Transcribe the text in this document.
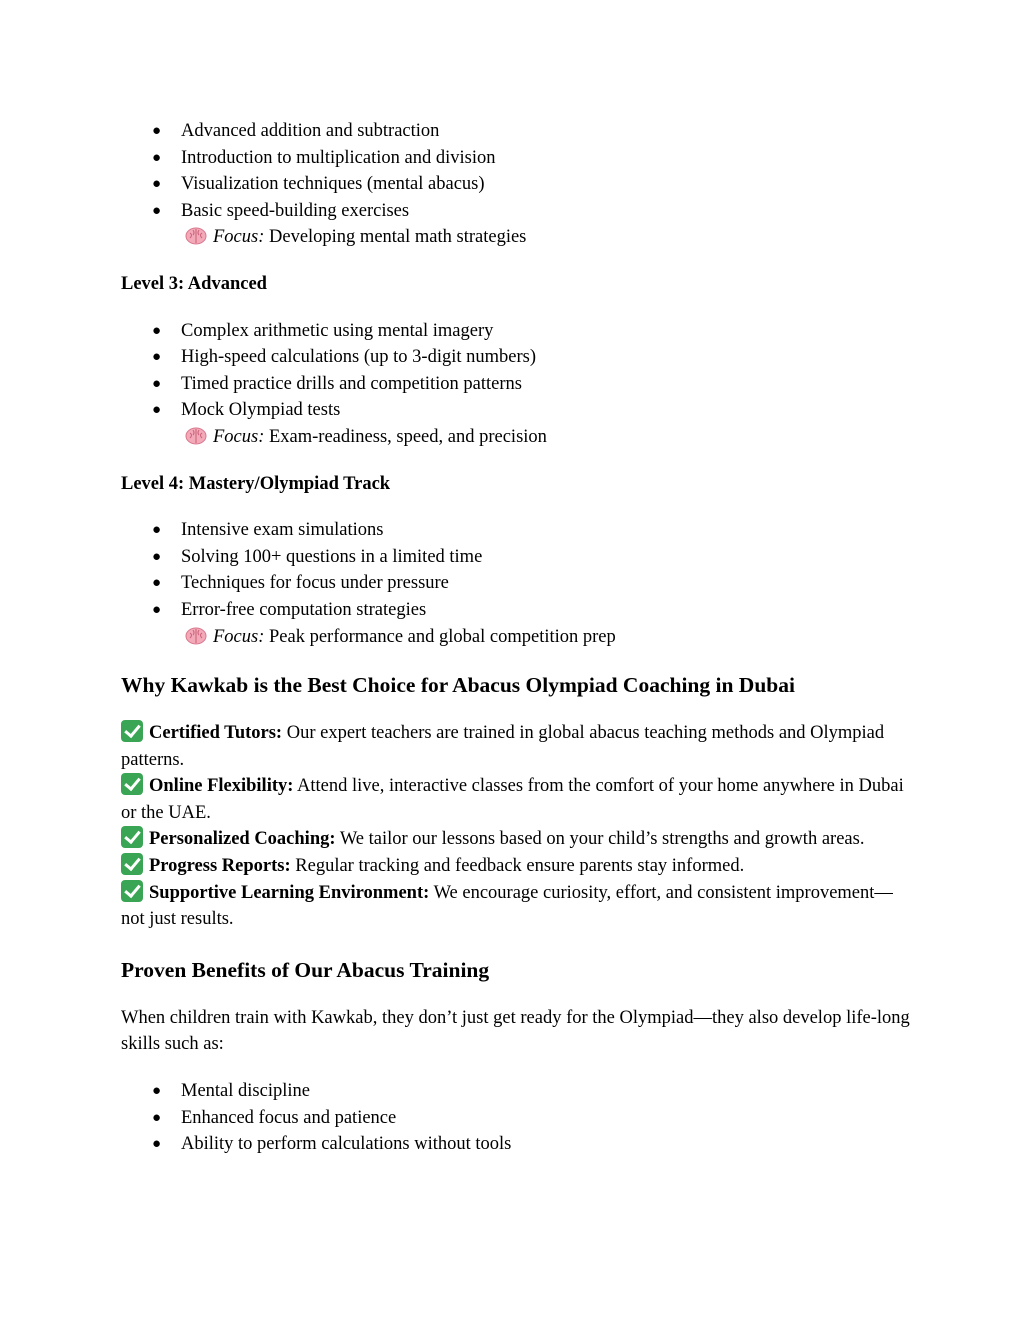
● Advanced addition and subtraction
● Introduction to multiplication and division
● Visualization techniques (mental abacus)
● Basic speed-building exercises
Focus: Developing mental math strategies
Level 3: Advanced
● Complex arithmetic using mental imagery
● High-speed calculations (up to 3-digit numbers)
● Timed practice drills and competition patterns
● Mock Olympiad tests
Focus: Exam-readiness, speed, and precision
Level 4: Mastery/Olympiad Track
● Intensive exam simulations
● Solving 100+ questions in a limited time
● Techniques for focus under pressure
● Error-free computation strategies
Focus: Peak performance and global competition prep
Why Kawkab is the Best Choice for Abacus Olympiad Coaching in Dubai
Certified Tutors: Our expert teachers are trained in global abacus teaching methods and Olympiad patterns.
Online Flexibility: Attend live, interactive classes from the comfort of your home anywhere in Dubai or the UAE.
Personalized Coaching: We tailor our lessons based on your child’s strengths and growth areas.
Progress Reports: Regular tracking and feedback ensure parents stay informed.
Supportive Learning Environment: We encourage curiosity, effort, and consistent improvement—not just results.
Proven Benefits of Our Abacus Training

When children train with Kawkab, they don’t just get ready for the Olympiad—they also develop life-long skills such as:

● Mental discipline
● Enhanced focus and patience
● Ability to perform calculations without tools
